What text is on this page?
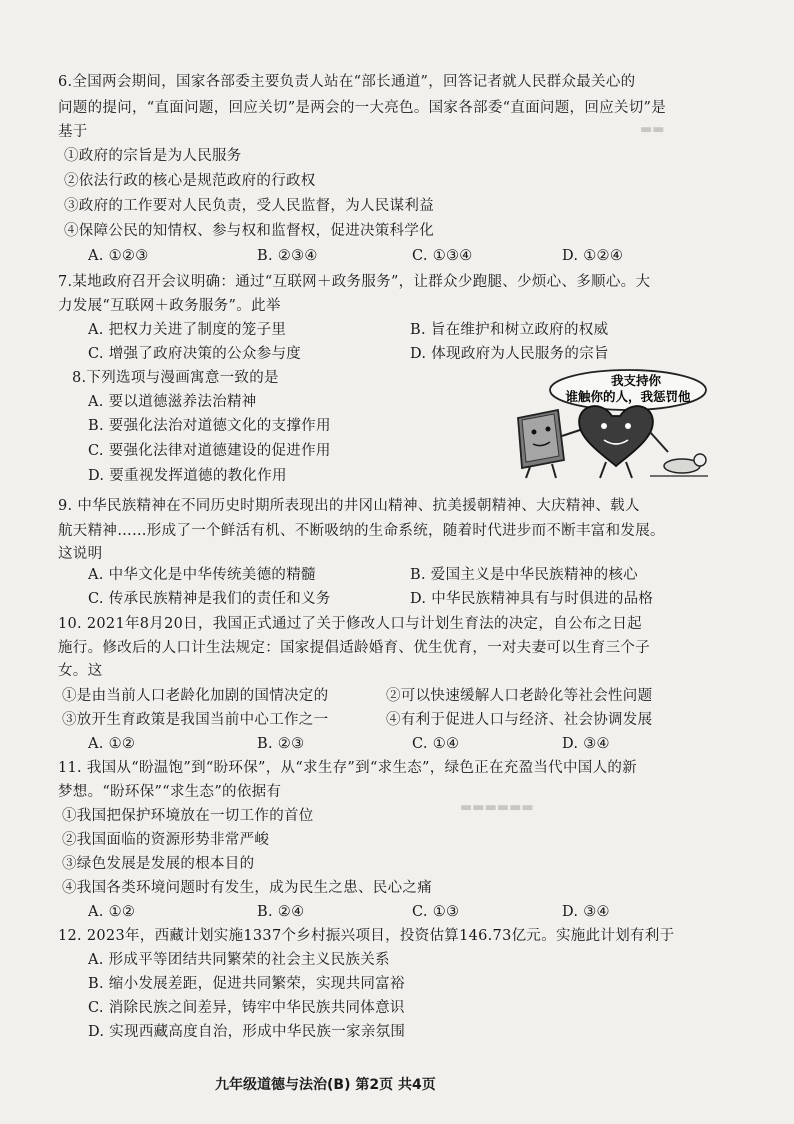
▬▬
▬▬▬▬▬▬
6.全国两会期间，国家各部委主要负责人站在“部长通道”，回答记者就人民群众最关心的
问题的提问，“直面问题，回应关切”是两会的一大亮色。国家各部委“直面问题，回应关切”是
基于
①政府的宗旨是为人民服务
②依法行政的核心是规范政府的行政权
③政府的工作要对人民负责，受人民监督，为人民谋利益
④保障公民的知情权、参与权和监督权，促进决策科学化
A. ①②③	B. ②③④	C. ①③④	D. ①②④
7.某地政府召开会议明确：通过“互联网＋政务服务”，让群众少跑腿、少烦心、多顺心。大
力发展“互联网＋政务服务”。此举
A. 把权力关进了制度的笼子里	B. 旨在维护和树立政府的权威
C. 增强了政府决策的公众参与度	D. 体现政府为人民服务的宗旨
8.下列选项与漫画寓意一致的是
A. 要以道德滋养法治精神
B. 要强化法治对道德文化的支撑作用
C. 要强化法律对道德建设的促进作用
D. 要重视发挥道德的教化作用
我支持你
谁触你的人，我惩罚他
9. 中华民族精神在不同历史时期所表现出的井冈山精神、抗美援朝精神、大庆精神、载人
航天精神……形成了一个鲜活有机、不断吸纳的生命系统，随着时代进步而不断丰富和发展。
这说明
A. 中华文化是中华传统美德的精髓	B. 爱国主义是中华民族精神的核心
C. 传承民族精神是我们的责任和义务	D. 中华民族精神具有与时俱进的品格
10. 2021年8月20日，我国正式通过了关于修改人口与计划生育法的决定，自公布之日起
施行。修改后的人口计生法规定：国家提倡适龄婚育、优生优育，一对夫妻可以生育三个子
女。这
①是由当前人口老龄化加剧的国情决定的	②可以快速缓解人口老龄化等社会性问题
③放开生育政策是我国当前中心工作之一	④有利于促进人口与经济、社会协调发展
A. ①②	B. ②③	C. ①④	D. ③④
11. 我国从“盼温饱”到“盼环保”，从“求生存”到“求生态”，绿色正在充盈当代中国人的新
梦想。“盼环保”“求生态”的依据有
①我国把保护环境放在一切工作的首位
②我国面临的资源形势非常严峻
③绿色发展是发展的根本目的
④我国各类环境问题时有发生，成为民生之患、民心之痛
A. ①②	B. ②④	C. ①③	D. ③④
12. 2023年，西藏计划实施1337个乡村振兴项目，投资估算146.73亿元。实施此计划有利于
A. 形成平等团结共同繁荣的社会主义民族关系
B. 缩小发展差距，促进共同繁荣，实现共同富裕
C. 消除民族之间差异，铸牢中华民族共同体意识
D. 实现西藏高度自治，形成中华民族一家亲氛围
九年级道德与法治(B) 第2页 共4页
